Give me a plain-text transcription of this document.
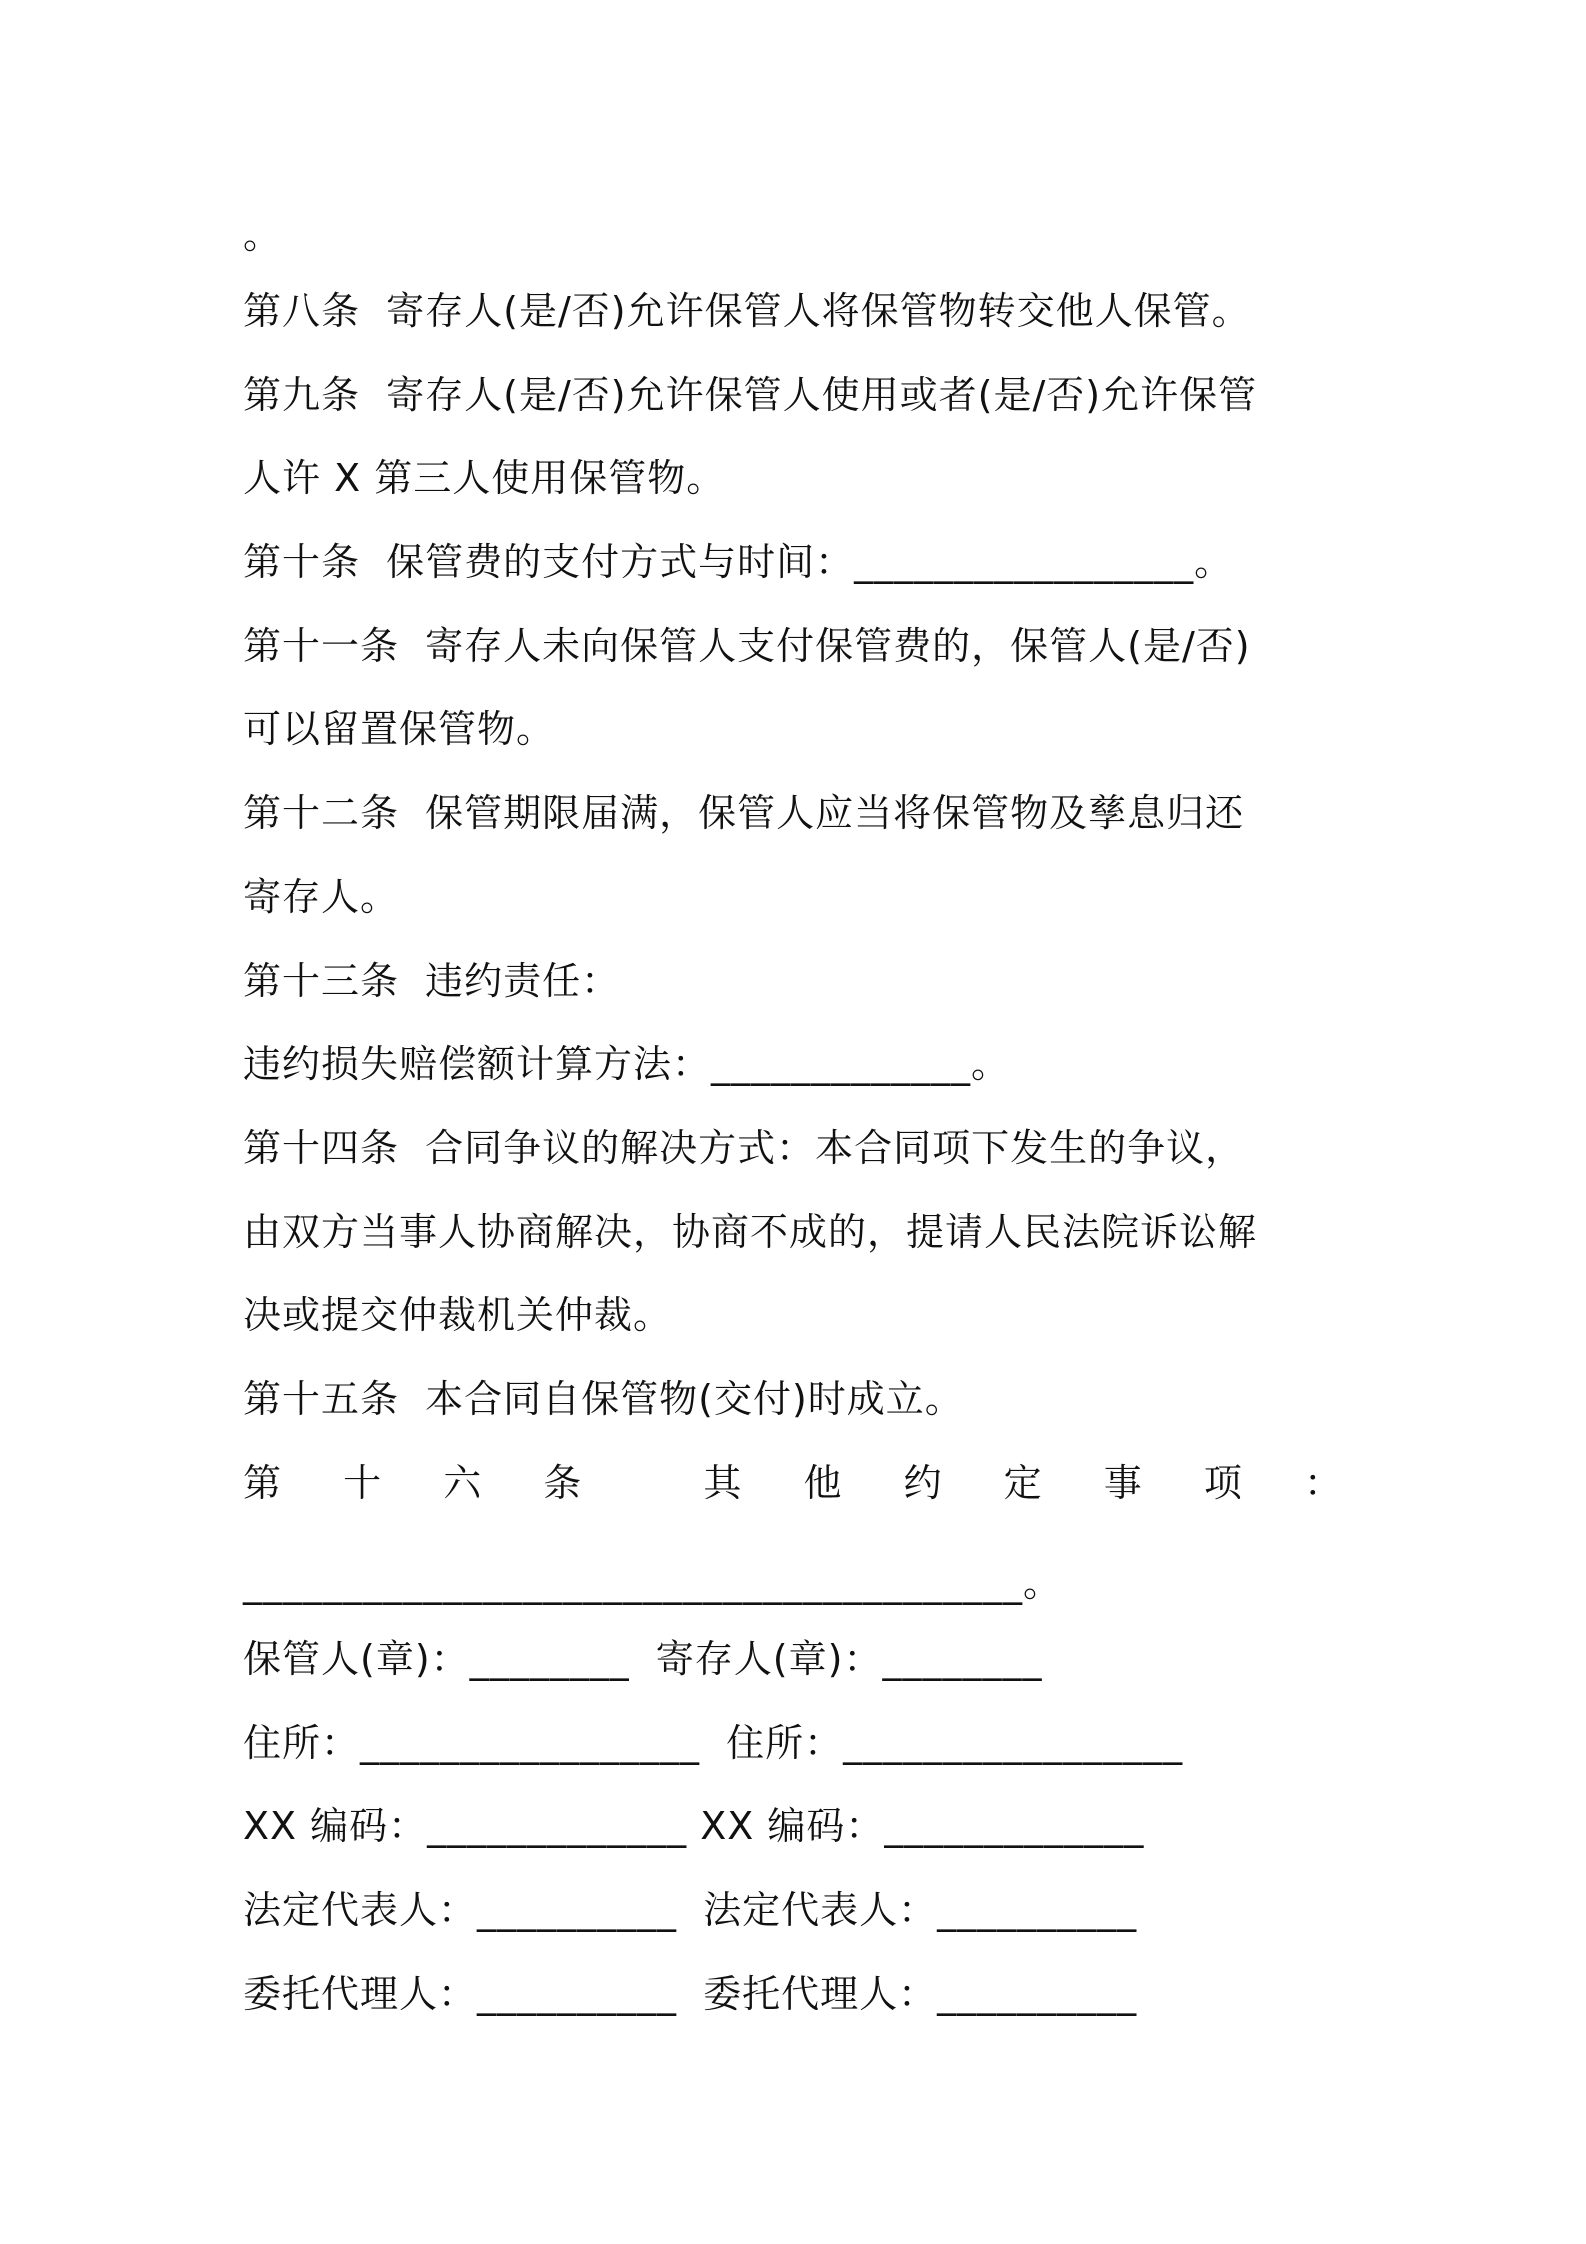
。
第八条  寄存人(是/否)允许保管人将保管物转交他人保管。
第九条  寄存人(是/否)允许保管人使用或者(是/否)允许保管
人许 X 第三人使用保管物。
第十条  保管费的支付方式与时间：_________________。
第十一条  寄存人未向保管人支付保管费的，保管人(是/否)
可以留置保管物。
第十二条  保管期限届满，保管人应当将保管物及孳息归还
寄存人。
第十三条  违约责任：
违约损失赔偿额计算方法：_____________。
第十四条  合同争议的解决方式：本合同项下发生的争议，
由双方当事人协商解决，协商不成的，提请人民法院诉讼解
决或提交仲裁机关仲裁。
第十五条  本合同自保管物(交付)时成立。
第 十 六 条	其 他 约 定 事 项 ：
_______________________________________。
保管人(章)：________  寄存人(章)：________
住所：_________________  住所：_________________
XX 编码：_____________ XX 编码：_____________
法定代表人：__________  法定代表人：__________
委托代理人：__________  委托代理人：__________
